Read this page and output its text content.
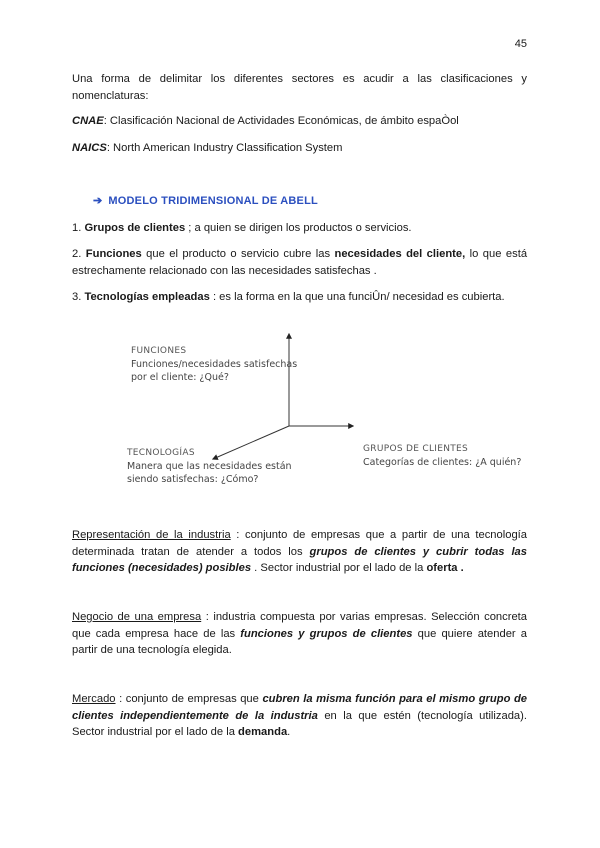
45
Una forma de delimitar los diferentes sectores es acudir a las clasificaciones y nomenclaturas:
CNAE: Clasificación Nacional de Actividades Económicas, de ámbito espaÒol
NAICS: North American Industry Classification System
➔ MODELO TRIDIMENSIONAL DE ABELL
1. Grupos de clientes ; a quien se dirigen los productos o servicios.
2. Funciones que el producto o servicio cubre las necesidades del cliente, lo que está estrechamente relacionado con las necesidades satisfechas .
3. Tecnologías empleadas : es la forma en la que una funciÛn/ necesidad es cubierta.
FUNCIONES
Funciones/necesidades satisfechas
por el cliente: ¿Qué?
TECNOLOGÍAS
Manera que las necesidades están
siendo satisfechas: ¿Cómo?
GRUPOS DE CLIENTES
Categorías de clientes: ¿A quién?
Representación de la industria : conjunto de empresas que a partir de una tecnología determinada tratan de atender a todos los grupos de clientes y cubrir todas las funciones (necesidades) posibles . Sector industrial por el lado de la oferta .
Negocio de una empresa : industria compuesta por varias empresas. Selección concreta que cada empresa hace de las funciones y grupos de clientes que quiere atender a partir de una tecnología elegida.
Mercado : conjunto de empresas que cubren la misma función para el mismo grupo de clientes independientemente de la industria en la que estén (tecnología utilizada). Sector industrial por el lado de la demanda.
